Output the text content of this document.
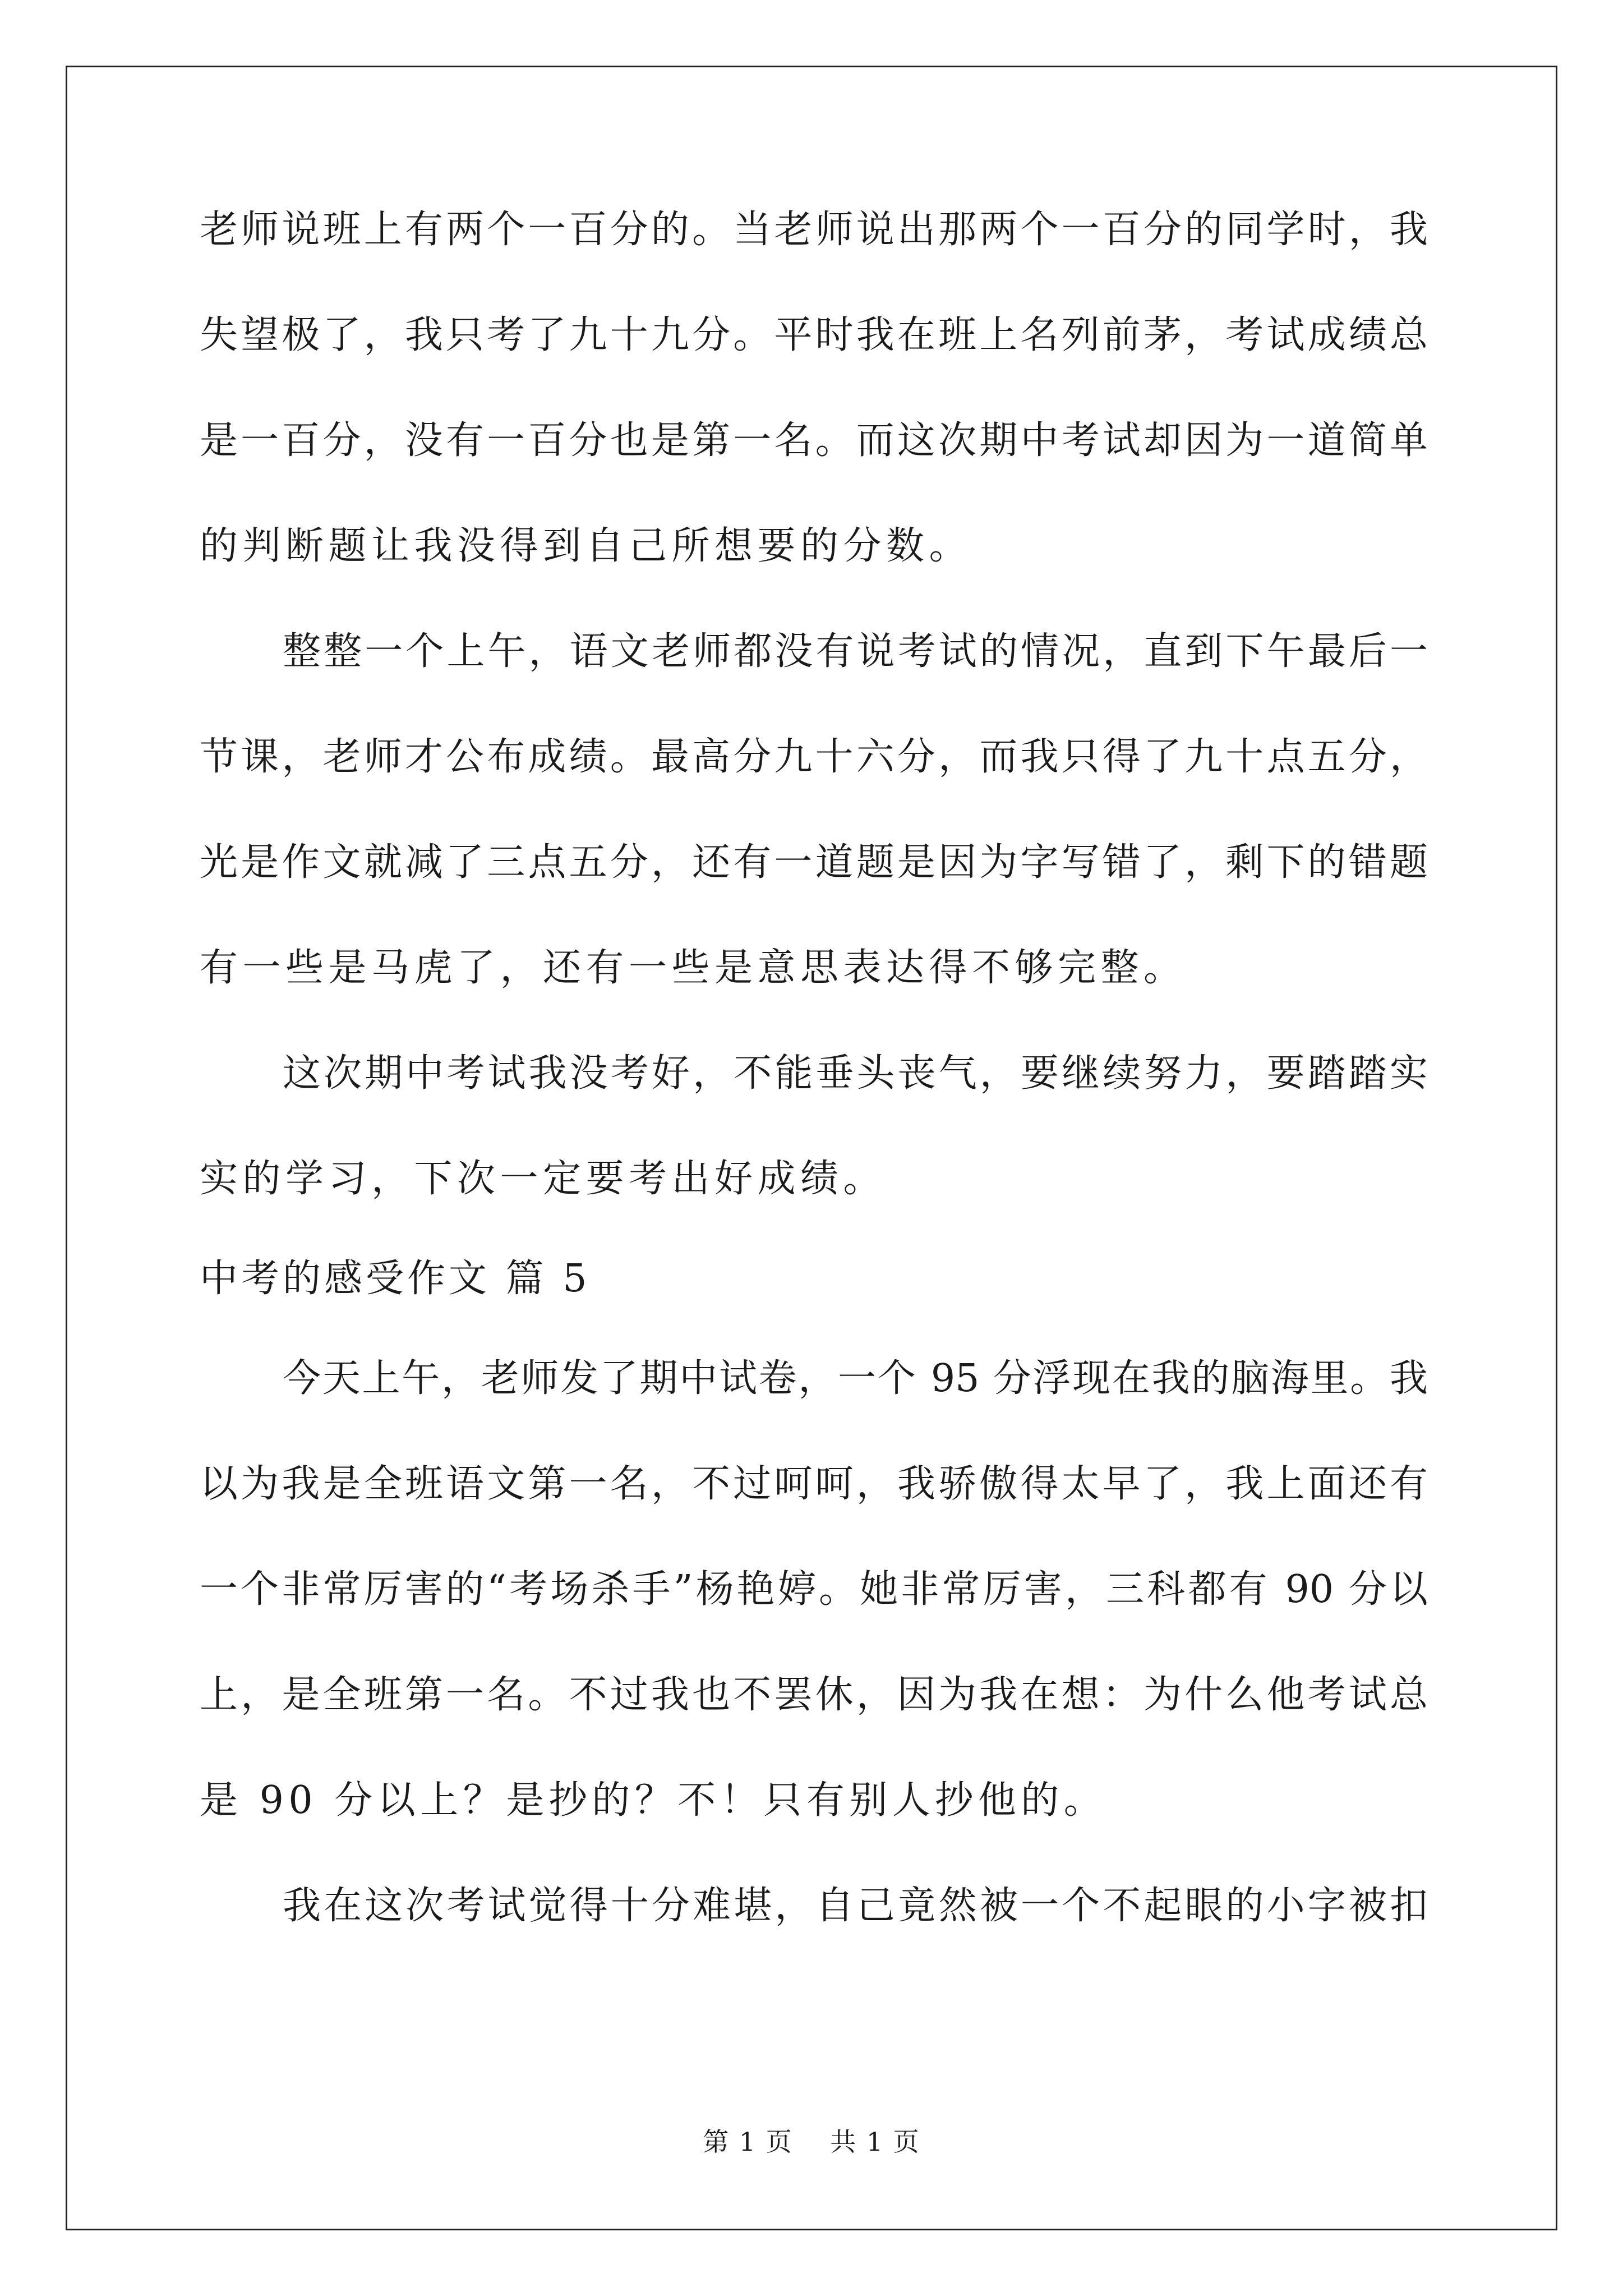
老师说班上有两个一百分的。当老师说出那两个一百分的同学时，我
失望极了，我只考了九十九分。平时我在班上名列前茅，考试成绩总
是一百分，没有一百分也是第一名。而这次期中考试却因为一道简单
的判断题让我没得到自己所想要的分数。
整整一个上午，语文老师都没有说考试的情况，直到下午最后一
节课，老师才公布成绩。最高分九十六分，而我只得了九十点五分，
光是作文就减了三点五分，还有一道题是因为字写错了，剩下的错题
有一些是马虎了，还有一些是意思表达得不够完整。
这次期中考试我没考好，不能垂头丧气，要继续努力，要踏踏实
实的学习，下次一定要考出好成绩。
中考的感受作文 篇 5
今天上午，老师发了期中试卷，一个 95 分浮现在我的脑海里。我
以为我是全班语文第一名，不过呵呵，我骄傲得太早了，我上面还有
一个非常厉害的“考场杀手”杨艳婷。她非常厉害，三科都有 90 分以
上，是全班第一名。不过我也不罢休，因为我在想：为什么他考试总
是 90 分以上？是抄的？不！只有别人抄他的。
我在这次考试觉得十分难堪，自己竟然被一个不起眼的小字被扣
第 1 页    共 1 页
